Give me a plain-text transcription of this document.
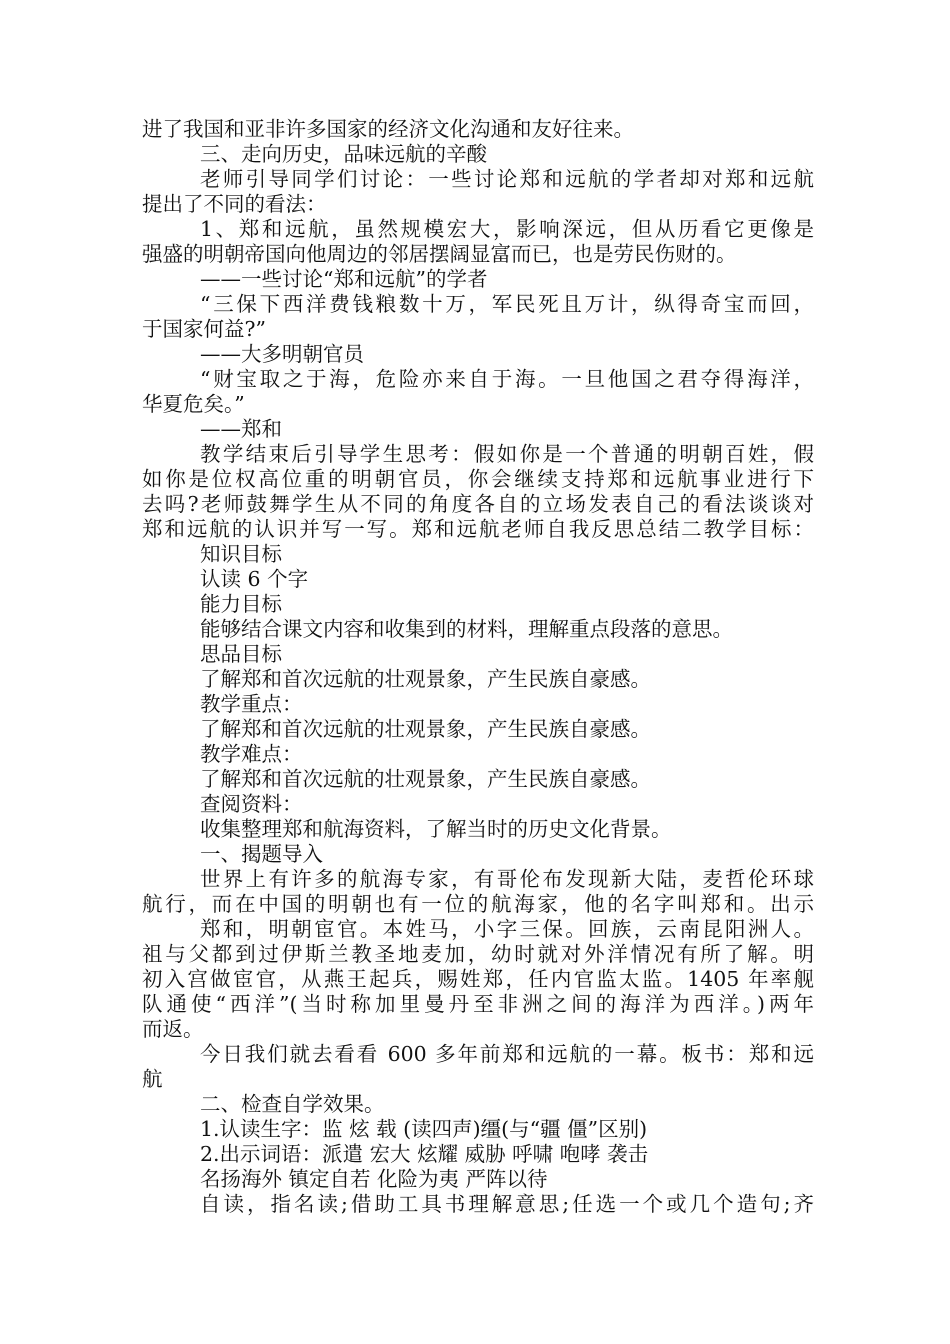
进了我国和亚非许多国家的经济文化沟通和友好往来。
三、走向历史，品味远航的辛酸
老师引导同学们讨论：一些讨论郑和远航的学者却对郑和远航
提出了不同的看法：
1、郑和远航，虽然规模宏大，影响深远，但从历看它更像是
强盛的明朝帝国向他周边的邻居摆阔显富而已，也是劳民伤财的。
——一些讨论“郑和远航”的学者
“三保下西洋费钱粮数十万，军民死且万计，纵得奇宝而回，
于国家何益?”
——大多明朝官员
“财宝取之于海，危险亦来自于海。一旦他国之君夺得海洋，
华夏危矣。”
——郑和
教学结束后引导学生思考：假如你是一个普通的明朝百姓，假
如你是位权高位重的明朝官员，你会继续支持郑和远航事业进行下
去吗?老师鼓舞学生从不同的角度各自的立场发表自己的看法谈谈对
郑和远航的认识并写一写。郑和远航老师自我反思总结二教学目标：
知识目标
认读 6 个字
能力目标
能够结合课文内容和收集到的材料，理解重点段落的意思。
思品目标
了解郑和首次远航的壮观景象，产生民族自豪感。
教学重点：
了解郑和首次远航的壮观景象，产生民族自豪感。
教学难点：
了解郑和首次远航的壮观景象，产生民族自豪感。
查阅资料：
收集整理郑和航海资料，了解当时的历史文化背景。
一、揭题导入
世界上有许多的航海专家，有哥伦布发现新大陆，麦哲伦环球
航行，而在中国的明朝也有一位的航海家，他的名字叫郑和。出示
郑和，明朝宦官。本姓马，小字三保。回族，云南昆阳洲人。
祖与父都到过伊斯兰教圣地麦加，幼时就对外洋情况有所了解。明
初入宫做宦官，从燕王起兵，赐姓郑，任内官监太监。1405 年率舰
队通使“西洋”(当时称加里曼丹至非洲之间的海洋为西洋。)两年
而返。
今日我们就去看看 600 多年前郑和远航的一幕。板书：郑和远
航
二、检查自学效果。
1.认读生字：监 炫 载 (读四声)缰(与“疆 僵”区别)
2.出示词语：派遣 宏大 炫耀 威胁 呼啸 咆哮 袭击
名扬海外 镇定自若 化险为夷 严阵以待
自读，指名读;借助工具书理解意思;任选一个或几个造句;齐
